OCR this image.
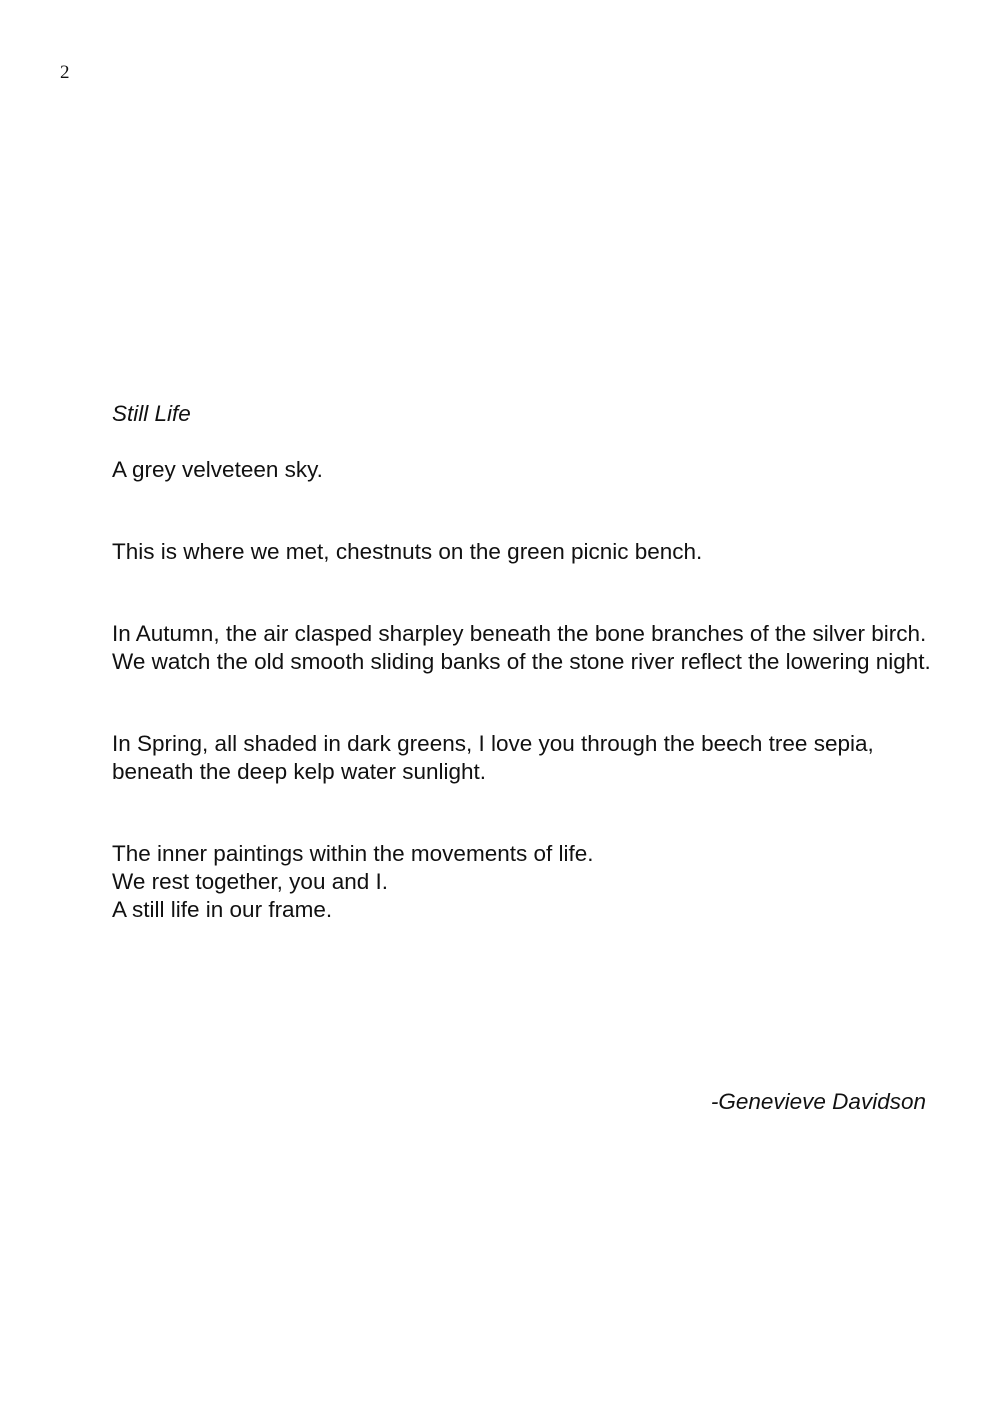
2
Still Life
A grey velveteen sky.
This is where we met, chestnuts on the green picnic bench.
In Autumn, the air clasped sharpley beneath the bone branches of the silver birch.
We watch the old smooth sliding banks of the stone river reflect the lowering night.
In Spring, all shaded in dark greens, I love you through the beech tree sepia,
beneath the deep kelp water sunlight.
The inner paintings within the movements of life.
We rest together, you and I.
A still life in our frame.
-Genevieve Davidson
